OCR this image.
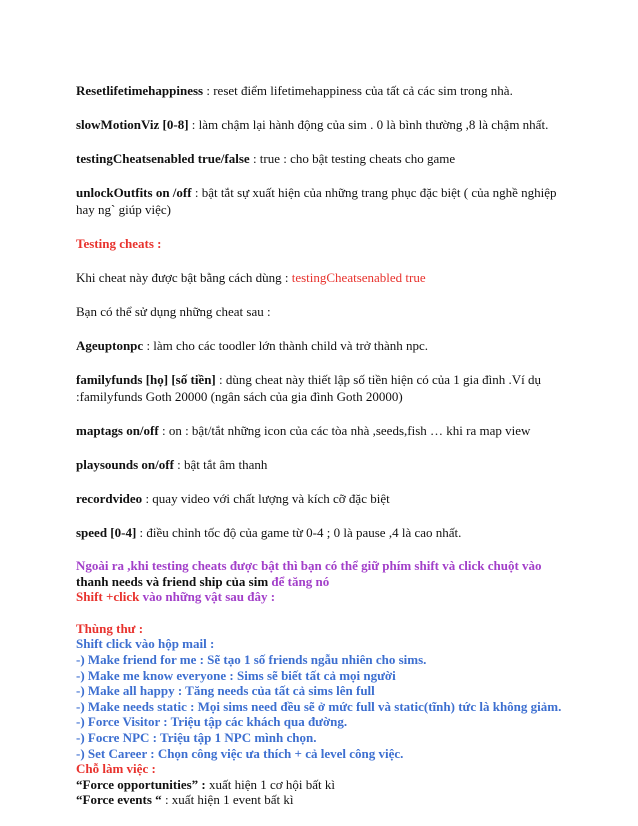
Resetlifetimehappiness : reset điểm lifetimehappiness của tất cả các sim trong nhà.

slowMotionViz [0-8] : làm chậm lại hành động của sim . 0 là bình thường ,8 là chậm nhất.

testingCheatsenabled true/false : true : cho bật testing cheats cho game

unlockOutfits on /off : bật tắt sự xuất hiện của những trang phục đặc biệt ( của nghề nghiệp hay ng` giúp việc)

Testing cheats :

Khi cheat này được bật bằng cách dùng : testingCheatsenabled true

Bạn có thể sử dụng những cheat sau :

Ageuptonpc : làm cho các toodler lớn thành child và trở thành npc.

familyfunds [họ] [số tiền] : dùng cheat này thiết lập số tiền hiện có của 1 gia đình .Ví dụ :familyfunds Goth 20000 (ngân sách của gia đình Goth 20000)

maptags on/off : on : bật/tắt những icon của các tòa nhà ,seeds,fish … khi ra map view

playsounds on/off : bật tắt âm thanh

recordvideo : quay video với chất lượng và kích cỡ đặc biệt

speed [0-4] : điều chỉnh tốc độ của game từ 0-4 ; 0 là pause ,4 là cao nhất.

Ngoài ra ,khi testing cheats được bật thì bạn có thể giữ phím shift và click chuột vào thanh needs và friend ship của sim để tăng nó
Shift +click vào những vật sau đây :
Thùng thư :
Shift click vào hộp mail :
-) Make friend for me : Sẽ tạo 1 số friends ngẫu nhiên cho sims.
-) Make me know everyone : Sims sẽ biết tất cả mọi người
-) Make all happy : Tăng needs của tất cả sims lên full
-) Make needs static : Mọi sims need đều sẽ ở mức full và static(tĩnh) tức là không giảm.
-) Force Visitor : Triệu tập các khách qua đường.
-) Focre NPC : Triệu tập 1 NPC mình chọn.
-) Set Career : Chọn công việc ưa thích + cả level công việc.
Chỗ làm việc :
“Force opportunities” : xuất hiện 1 cơ hội bất kì
“Force events “ : xuất hiện 1 event bất kì
